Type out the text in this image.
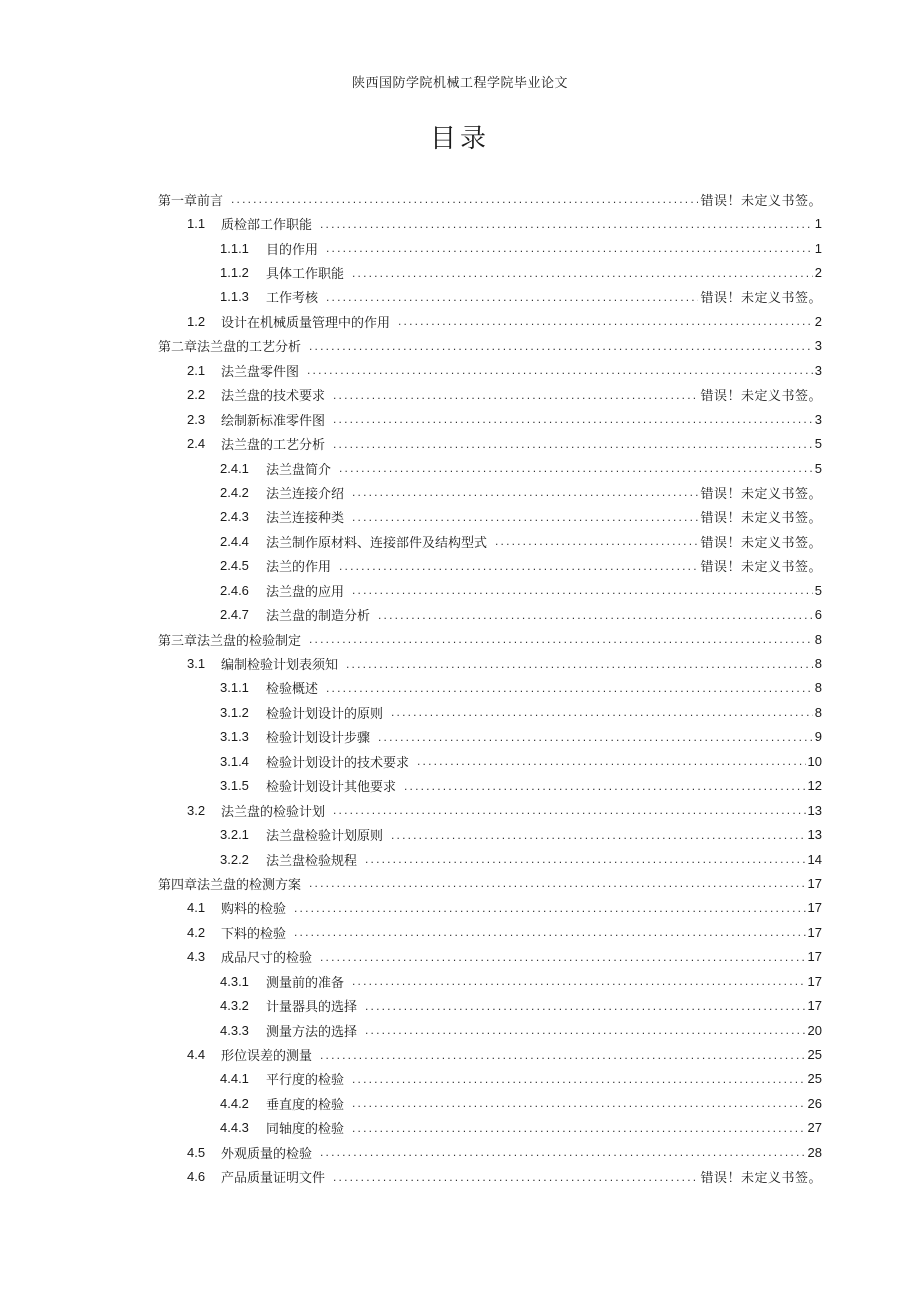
陕西国防学院机械工程学院毕业论文
目录
第一章前言 .....	错误！未定义书签。
1.1	质检部工作职能 .....	1
1.1.1	目的作用 .....	1
1.1.2	具体工作职能 .....	2
1.1.3	工作考核 .....	错误！未定义书签。
1.2	设计在机械质量管理中的作用 .....	2
第二章法兰盘的工艺分析 .....	3
2.1	法兰盘零件图 .....	3
2.2	法兰盘的技术要求 .....	错误！未定义书签。
2.3	绘制新标准零件图 .....	3
2.4	法兰盘的工艺分析 .....	5
2.4.1	法兰盘简介 .....	5
2.4.2	法兰连接介绍 .....	错误！未定义书签。
2.4.3	法兰连接种类 .....	错误！未定义书签。
2.4.4	法兰制作原材料、连接部件及结构型式 .....	错误！未定义书签。
2.4.5	法兰的作用 .....	错误！未定义书签。
2.4.6	法兰盘的应用 .....	5
2.4.7	法兰盘的制造分析 .....	6
第三章法兰盘的检验制定 .....	8
3.1	编制检验计划表须知 .....	8
3.1.1	检验概述 .....	8
3.1.2	检验计划设计的原则 .....	8
3.1.3	检验计划设计步骤 .....	9
3.1.4	检验计划设计的技术要求 .....	10
3.1.5	检验计划设计其他要求 .....	12
3.2	法兰盘的检验计划 .....	13
3.2.1	法兰盘检验计划原则 .....	13
3.2.2	法兰盘检验规程 .....	14
第四章法兰盘的检测方案 .....	17
4.1	购料的检验 .....	17
4.2	下料的检验 .....	17
4.3	成品尺寸的检验 .....	17
4.3.1	测量前的准备 .....	17
4.3.2	计量器具的选择 .....	17
4.3.3	测量方法的选择 .....	20
4.4	形位误差的测量 .....	25
4.4.1	平行度的检验 .....	25
4.4.2	垂直度的检验 .....	26
4.4.3	同轴度的检验 .....	27
4.5	外观质量的检验 .....	28
4.6	产品质量证明文件 .....	错误！未定义书签。
